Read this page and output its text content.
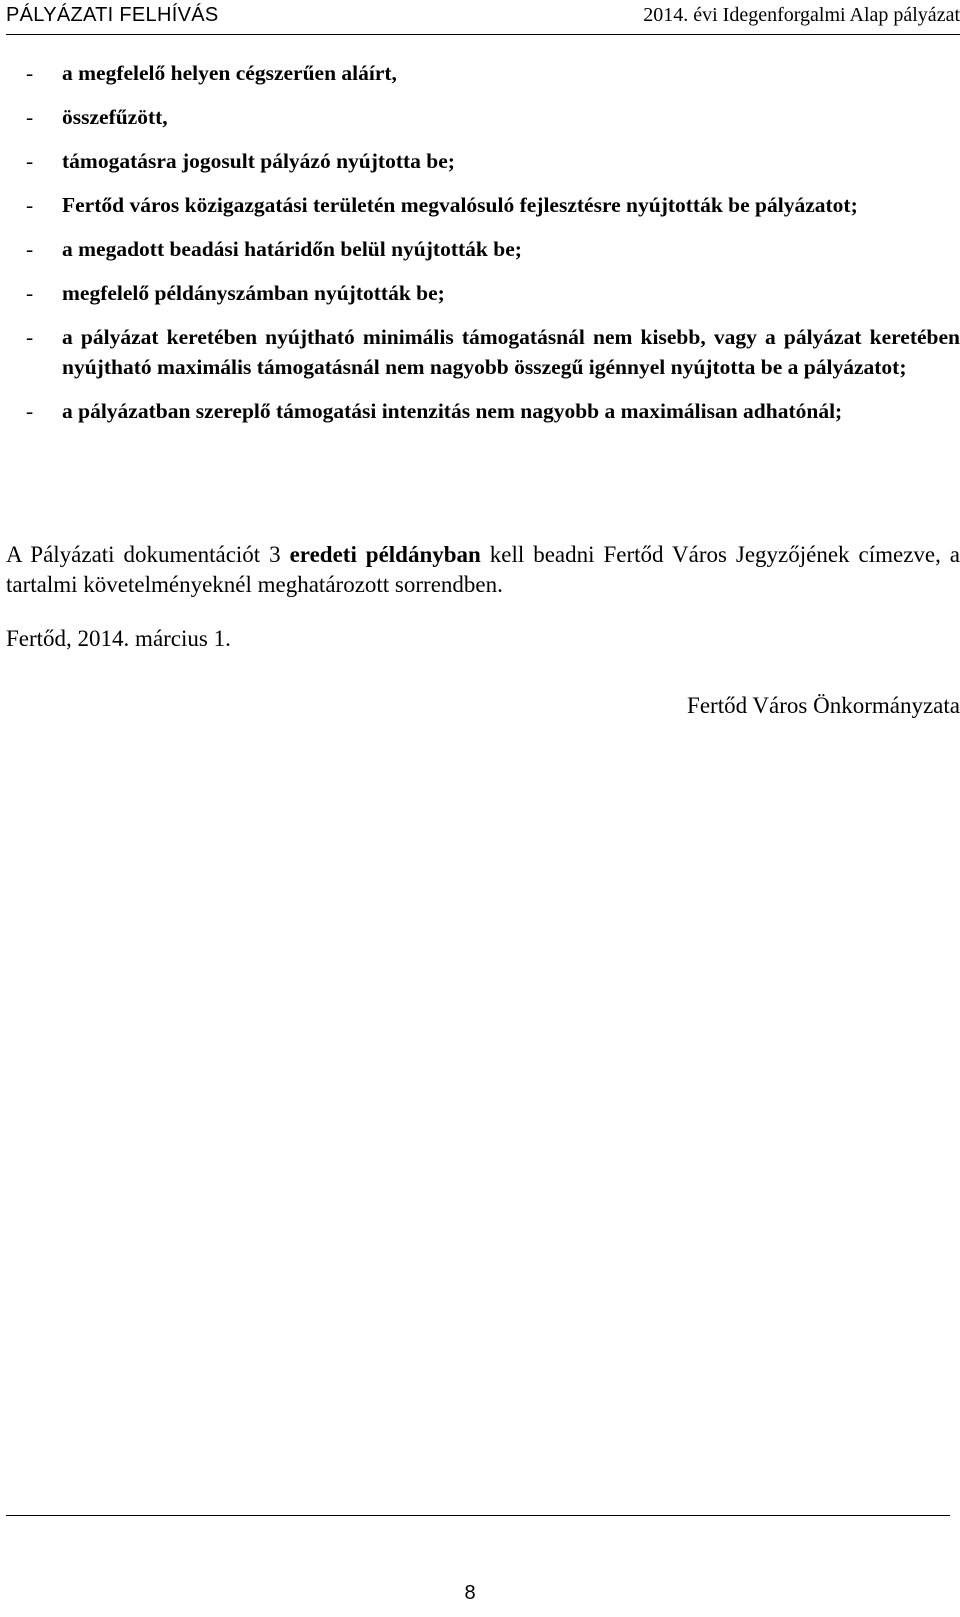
PÁLYÁZATI FELHÍVÁS	2014. évi Idegenforgalmi Alap pályázat
- a megfelelő helyen cégszerűen aláírt,
- összefűzött,
- támogatásra jogosult pályázó nyújtotta be;
- Fertőd város közigazgatási területén megvalósuló fejlesztésre nyújtották be pályázatot;
- a megadott beadási határidőn belül nyújtották be;
- megfelelő példányszámban nyújtották be;
- a pályázat keretében nyújtható minimális támogatásnál nem kisebb, vagy a pályázat keretében nyújtható maximális támogatásnál nem nagyobb összegű igénnyel nyújtotta be a pályázatot;
- a pályázatban szereplő támogatási intenzitás nem nagyobb a maximálisan adhatónál;

A Pályázati dokumentációt 3 eredeti példányban kell beadni Fertőd Város Jegyzőjének címezve, a tartalmi követelményeknél meghatározott sorrendben.

Fertőd, 2014. március 1.

Fertőd Város Önkormányzata
8
